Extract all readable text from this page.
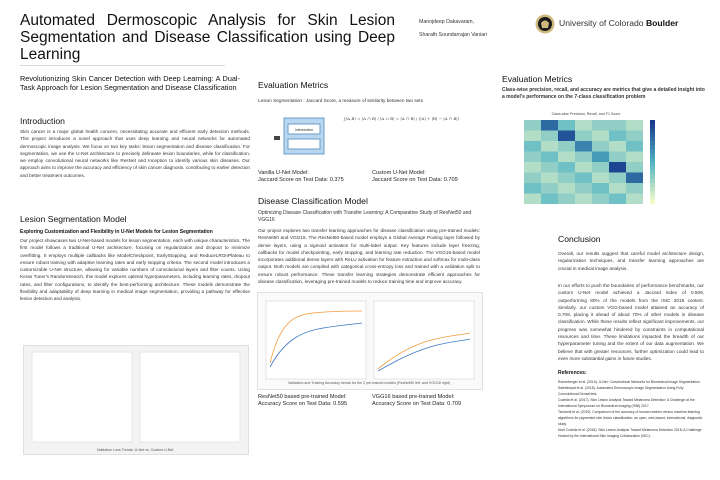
Automated Dermoscopic Analysis for Skin Lesion Segmentation and Disease Classification using Deep Learning
Manojdeep Dakavaram,
Sharath Soundarrajan Vaniari
University of Colorado Boulder
Revolutionizing Skin Cancer Detection with Deep Learning: A Dual-Task Approach for Lesion Segmentation and Disease Classification
Introduction
Skin cancer is a major global health concern, necessitating accurate and efficient early detection methods. This project introduces a novel approach that uses deep learning and neural networks for automated dermoscopic image analysis. We focus on two key tasks: lesion segmentation and disease classification. For segmentation, we use the U-Net architecture to precisely delineate lesion boundaries, while for classification, we employ convolutional neural networks like ResNet and Inception to identify various skin diseases. Our approach aims to improve the accuracy and efficiency of skin cancer diagnosis, contributing to earlier detection and better treatment outcomes.
Lesion Segmentation Model
Exploring Customization and Flexibility in U-Net Models for Lesion Segmentation
Our project showcases two U-Net-based models for lesion segmentation, each with unique characteristics. The first model follows a traditional U-Net architecture, focusing on regularization and dropout to minimize overfitting. It employs multiple callbacks like ModelCheckpoint, EarlyStopping, and ReduceLROnPlateau to ensure robust training with adaptive learning rates and early stopping criteria. The second model introduces a customizable U-Net structure, allowing for variable numbers of convolutional layers and filter counts. Using Keras Tuner's RandomSearch, this model explores optimal hyperparameters, including learning rates, dropout rates, and filter configurations, to identify the best-performing architecture. These models demonstrate the flexibility and adaptability of deep learning in medical image segmentation, providing a pathway for effective lesion detection and analysis.
Validation Loss Trends: U-Net vs. Custom U-Net
Evaluation Metrics
Lesion Segmentation : Jaccard Score, a measure of similarity between two sets
Intersection
J(A,B) = |A ∩ B| / |A ∪ B| = |A ∩ B| / (|A| + |B| − |A ∩ B|)
Vanilla U-Net Model:
Jaccard Score on Test Data: 0.375
Custom U-Net Model:
Jaccard Score on Test Data: 0.709
Disease Classification Model
Optimizing Disease Classification with Transfer Learning: A Comparative Study of ResNet50 and VGG16
Our project explores two transfer learning approaches for disease classification using pre-trained models: ResNet50 and VGG16. The ResNet50-based model employs a Global Average Pooling layer followed by dense layers, using a sigmoid activation for multi-label output. Key features include layer freezing, callbacks for model checkpointing, early stopping, and learning rate reduction. The VGG16-based model incorporates additional dense layers with ReLU activation for feature extraction and softmax for multi-class output. Both models are compiled with categorical cross-entropy loss and trained with a validation split to ensure robust performance. These transfer learning strategies demonstrate efficient approaches for disease classification, leveraging pre-trained models to reduce training time and improve accuracy.
Validation and Training Accuracy trends for the 2 pre-trained models (ResNet50 left, and VGG16 right)
ResNet50 based pre-trained Model:
Accuracy Score on Test Data: 0.595
VGG16 based pre-trained Model:
Accuracy Score on Test Data: 0.709
Evaluation Metrics
Class-wise precision, recall, and accuracy are metrics that give a detailed insight into a model's performance on the 7-class classification problem
Class-wise Precision, Recall, and F1 Score
Conclusion
Overall, our results suggest that careful model architecture design, regularization techniques, and transfer learning approaches are crucial in medical image analysis.
In our efforts to push the boundaries of performance benchmarks, our custom U-Net model achieved a Jaccard index of 0.509, outperforming 80% of the models from the ISIC 2018 contest. Similarly, our custom VGG-based model attained an accuracy of 0.709, placing it ahead of about 70% of other models in disease classification. While these results reflect significant improvements, our progress was somewhat hindered by constraints in computational resources and time. These limitations impacted the breadth of our hyperparameter tuning and the extent of our data augmentation. We believe that with greater resources, further optimization could lead to even more substantial gains in future studies.
References:
Ronneberger et al. (2015). U-Net: Convolutional Networks for Biomedical Image Segmentation.
Salehinejad et al. (2018). Automated Dermoscopic Image Segmentation Using Fully Convolutional DenseNets.
Codella et al. (2017). Skin Lesion Analysis Toward Melanoma Detection: A Challenge at the International Symposium on Biomedical Imaging (ISBI) 2017.
Tschandl et al. (2019). Comparison of the accuracy of human readers versus machine-learning algorithms for pigmented skin lesion classification: an open, web-based, international, diagnostic study.
Noel Codella et al. (2018). Skin Lesion Analysis Toward Melanoma Detection 2018: A Challenge Hosted by the International Skin Imaging Collaboration (ISIC).
